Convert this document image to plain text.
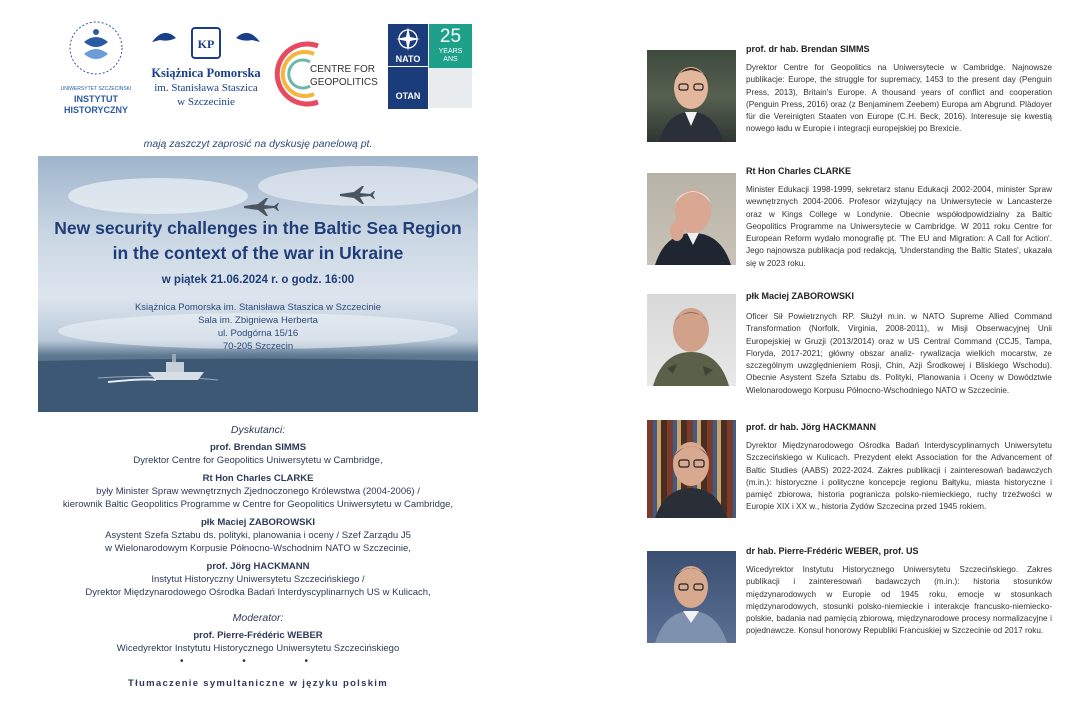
UNIWERSYTET SZCZECIŃSKI
INSTYTUT
HISTORYCZNY
KP
Książnica Pomorska
im. Stanisława Staszica
w Szczecinie
CENTRE FOR
GEOPOLITICS
NATO
OTAN
25
YEARS
ANS
mają zaszczyt zaprosić na dyskusję panelową pt.
New security challenges in the Baltic Sea Region
in the context of the war in Ukraine
w piątek 21.06.2024 r. o godz. 16:00
Książnica Pomorska im. Stanisława Staszica w Szczecinie
Sala im. Zbigniewa Herberta
ul. Podgórna 15/16
70-205 Szczecin
Dyskutanci:
prof. Brendan SIMMS
Dyrektor Centre for Geopolitics Uniwersytetu w Cambridge,
Rt Hon Charles CLARKE
były Minister Spraw wewnętrznych Zjednoczonego Królewstwa (2004-2006) /
kierownik Baltic Geopolitics Programme w Centre for Geopolitics Uniwersytetu w Cambridge,
płk Maciej ZABOROWSKI
Asystent Szefa Sztabu ds. polityki, planowania i oceny / Szef Zarządu J5
w Wielonarodowym Korpusie Północno-Wschodnim NATO w Szczecinie,
prof. Jörg HACKMANN
Instytut Historyczny Uniwersytetu Szczecińskiego /
Dyrektor Międzynarodowego Ośrodka Badań Interdyscyplinarnych US w Kulicach,
Moderator:
prof. Pierre-Frédéric WEBER
Wicedyrektor Instytutu Historycznego Uniwersytetu Szczecińskiego
• • •
Tłumaczenie symultaniczne w języku polskim
prof. dr hab. Brendan SIMMS
Dyrektor Centre for Geopolitics na Uniwersytecie w Cambridge. Najnowsze publikacje: Europe, the struggle for supremacy, 1453 to the present day (Penguin Press, 2013), Britain's Europe. A thousand years of conflict and cooperation (Penguin Press, 2016) oraz (z Benjaminem Zeebem) Europa am Abgrund. Plädoyer für die Vereinigten Staaten von Europe (C.H. Beck, 2016). Interesuje się kwestią nowego ładu w Europie i integracji europejskiej po Brexicie.
Rt Hon Charles CLARKE
Minister Edukacji 1998-1999, sekretarz stanu Edukacji 2002-2004, minister Spraw wewnętrznych 2004-2006. Profesor wizytujący na Uniwersytecie w Lancasterze oraz w Kings College w Londynie. Obecnie współodpowidzialny za Baltic Geopolitics Programme na Uniwersytecie w Cambridge. W 2011 roku Centre for European Reform wydało monografię pt. 'The EU and Migration: A Call for Action'. Jego najnowsza publikacja pod redakcją, 'Understanding the Baltic States', ukazała się w 2023 roku.
płk Maciej ZABOROWSKI
Oficer Sił Powietrznych RP. Służył m.in. w NATO Supreme Allied Command Transformation (Norfolk, Virginia, 2008-2011), w Misji Obserwacyjnej Unii Europejskiej w Gruzji (2013/2014) oraz w US Central Command (CCJ5, Tampa, Floryda, 2017-2021; główny obszar analiz- rywalizacja wielkich mocarstw, ze szczególnym uwzględnieniem Rosji, Chin, Azji Środkowej i Bliskiego Wschodu). Obecnie Asystent Szefa Sztabu ds. Polityki, Planowania i Oceny w Dowództwie Wielonarodowego Korpusu Północno-Wschodniego NATO w Szczecinie.
prof. dr hab. Jörg HACKMANN
Dyrektor Międzynarodowego Ośrodka Badań Interdyscyplinarnych Uniwersytetu Szczecińskiego w Kulicach. Prezydent elekt Association for the Advancement of Baltic Studies (AABS) 2022-2024. Zakres publikacji i zainteresowań badawczych (m.in.): historyczne i polityczne koncepcje regionu Bałtyku, miasta historyczne i pamięć zbiorowa, historia pogranicza polsko-niemieckiego, ruchy trzeźwości w Europie XIX i XX w., historia Żydów Szczecina przed 1945 rokiem.
dr hab. Pierre-Frédéric WEBER, prof. US
Wicedyrektor Instytutu Historycznego Uniwersytetu Szczecińskiego. Zakres publikacji i zainteresowań badawczych (m.in.): historia stosunków międzynarodowych w Europie od 1945 roku, emocje w stosunkach międzynarodowych, stosunki polsko-niemieckie i interakcje francusko-niemiecko-polskie, badania nad pamięcią zbiorową, międzynarodowe procesy normalizacyjne i pojednawcze. Konsul honorowy Republiki Francuskiej w Szczecinie od 2017 roku.
